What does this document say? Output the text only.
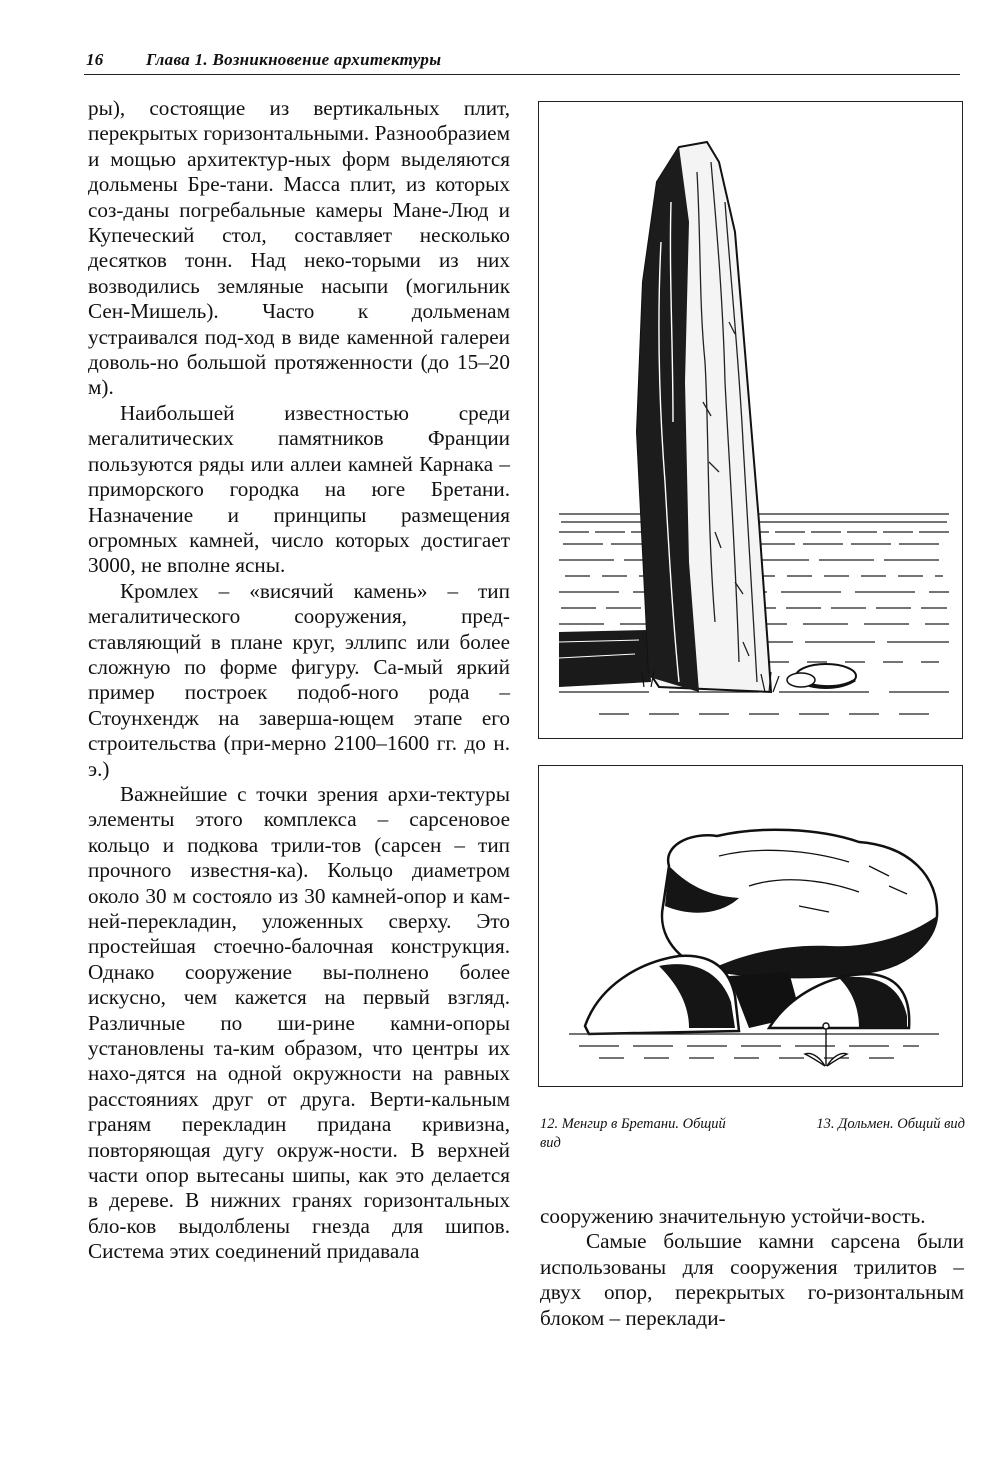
16 Глава 1. Возникновение архитектуры

ры), состоящие из вертикальных плит, перекрытых горизонтальными. Разнообразием и мощью архитектур-ных форм выделяются дольмены Бре-тани. Масса плит, из которых соз-даны погребальные камеры Мане-Люд и Купеческий стол, составляет несколько десятков тонн. Над неко-торыми из них возводились земляные насыпи (могильник Сен-Мишель). Часто к дольменам устраивался под-ход в виде каменной галереи доволь-но большой протяженности (до 15–20 м).

Наибольшей известностью среди мегалитических памятников Франции пользуются ряды или аллеи камней Карнака – приморского городка на юге Бретани. Назначение и принципы размещения огромных камней, число которых достигает 3000, не вполне ясны.

Кромлех – «висячий камень» – тип мегалитического сооружения, пред-ставляющий в плане круг, эллипс или более сложную по форме фигуру. Са-мый яркий пример построек подоб-ного рода – Стоунхендж на заверша-ющем этапе его строительства (при-мерно 2100–1600 гг. до н. э.)

Важнейшие с точки зрения архи-тектуры элементы этого комплекса – сарсеновое кольцо и подкова трили-тов (сарсен – тип прочного известня-ка). Кольцо диаметром около 30 м состояло из 30 камней-опор и кам-ней-перекладин, уложенных сверху. Это простейшая стоечно-балочная конструкция. Однако сооружение вы-полнено более искусно, чем кажется на первый взгляд. Различные по ши-рине камни-опоры установлены та-ким образом, что центры их нахо-дятся на одной окружности на равных расстояниях друг от друга. Верти-кальным граням перекладин придана кривизна, повторяющая дугу окруж-ности. В верхней части опор вытесаны шипы, как это делается в дереве. В нижних гранях горизонтальных бло-ков выдолблены гнезда для шипов. Система этих соединений придавала

12. Менгир в Бретани. Общий вид
13. Дольмен. Общий вид

сооружению значительную устойчи-вость.

Самые большие камни сарсена были использованы для сооружения трилитов – двух опор, перекрытых го-ризонтальным блоком – переклади-
